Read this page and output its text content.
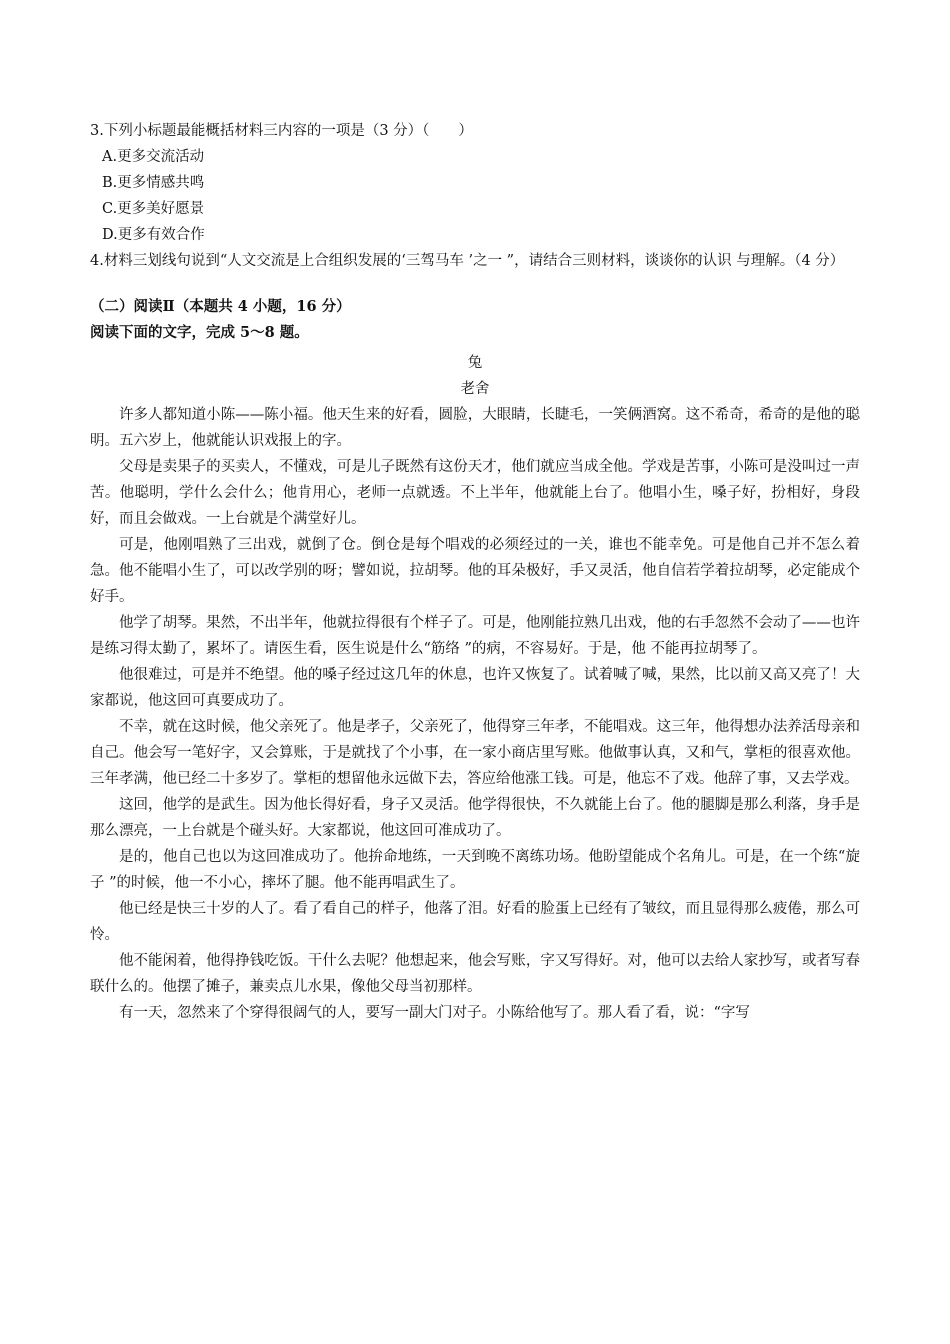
3.下列小标题最能概括材料三内容的一项是（3 分）（　　）
A.更多交流活动
B.更多情感共鸣
C.更多美好愿景
D.更多有效合作
4.材料三划线句说到“人文交流是上合组织发展的‘三驾马车 ’之一 ”，请结合三则材料，谈谈你的认识 与理解。（4 分）
（二）阅读Ⅱ（本题共 4 小题，16 分）
阅读下面的文字，完成 5～8 题。
兔
老舍

许多人都知道小陈——陈小福。他天生来的好看，圆脸，大眼睛，长睫毛，一笑俩酒窝。这不希奇，希奇的是他的聪明。五六岁上，他就能认识戏报上的字。

父母是卖果子的买卖人，不懂戏，可是儿子既然有这份天才，他们就应当成全他。学戏是苦事，小陈可是没叫过一声苦。他聪明，学什么会什么；他肯用心，老师一点就透。不上半年，他就能上台了。他唱小生，嗓子好，扮相好，身段好，而且会做戏。一上台就是个满堂好儿。

可是，他刚唱熟了三出戏，就倒了仓。倒仓是每个唱戏的必须经过的一关，谁也不能幸免。可是他自己并不怎么着急。他不能唱小生了，可以改学别的呀；譬如说，拉胡琴。他的耳朵极好，手又灵活，他自信若学着拉胡琴，必定能成个好手。

他学了胡琴。果然，不出半年，他就拉得很有个样子了。可是，他刚能拉熟几出戏，他的右手忽然不会动了——也许是练习得太勤了，累坏了。请医生看，医生说是什么“筋络 ”的病，不容易好。于是，他 不能再拉胡琴了。

他很难过，可是并不绝望。他的嗓子经过这几年的休息，也许又恢复了。试着喊了喊，果然，比以前又高又亮了！大家都说，他这回可真要成功了。

不幸，就在这时候，他父亲死了。他是孝子，父亲死了，他得穿三年孝，不能唱戏。这三年，他得想办法养活母亲和自己。他会写一笔好字，又会算账，于是就找了个小事，在一家小商店里写账。他做事认真，又和气，掌柜的很喜欢他。三年孝满，他已经二十多岁了。掌柜的想留他永远做下去，答应给他涨工钱。可是，他忘不了戏。他辞了事，又去学戏。

这回，他学的是武生。因为他长得好看，身子又灵活。他学得很快，不久就能上台了。他的腿脚是那么利落，身手是那么漂亮，一上台就是个碰头好。大家都说，他这回可准成功了。

是的，他自己也以为这回准成功了。他拚命地练，一天到晚不离练功场。他盼望能成个名角儿。可是，在一个练“旋子 ”的时候，他一不小心，摔坏了腿。他不能再唱武生了。

他已经是快三十岁的人了。看了看自己的样子，他落了泪。好看的脸蛋上已经有了皱纹，而且显得那么疲倦，那么可怜。

他不能闲着，他得挣钱吃饭。干什么去呢？他想起来，他会写账，字又写得好。对，他可以去给人家抄写，或者写春联什么的。他摆了摊子，兼卖点儿水果，像他父母当初那样。

有一天，忽然来了个穿得很阔气的人，要写一副大门对子。小陈给他写了。那人看了看，说：“字写
